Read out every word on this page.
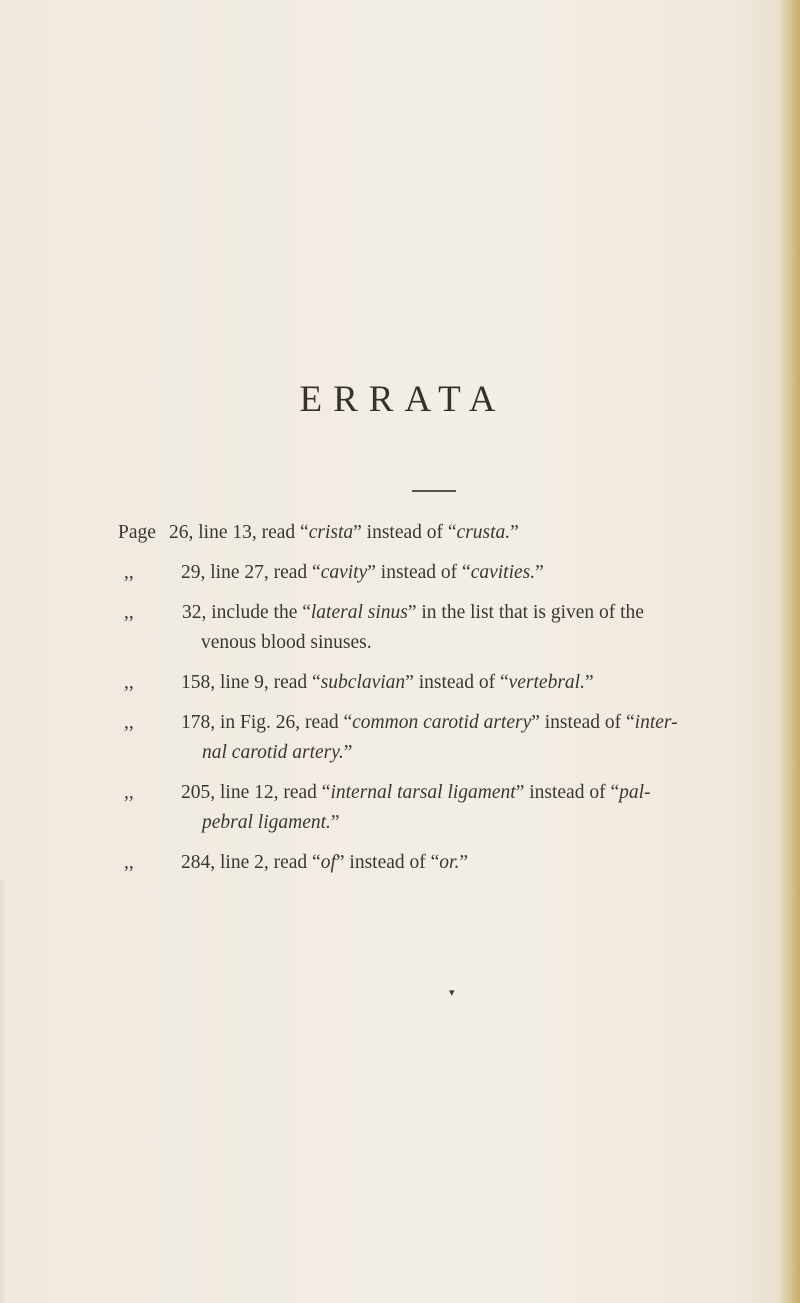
ERRATA
Page 26, line 13, read “crista” instead of “crusta.”
,, 29, line 27, read “cavity” instead of “cavities.”
,, 32, include the “lateral sinus” in the list that is given of the
venous blood sinuses.
,, 158, line 9, read “subclavian” instead of “vertebral.”
,, 178, in Fig. 26, read “common carotid artery” instead of “inter-
nal carotid artery.”
,, 205, line 12, read “internal tarsal ligament” instead of “pal-
pebral ligament.”
,, 284, line 2, read “of” instead of “or.”
▾
